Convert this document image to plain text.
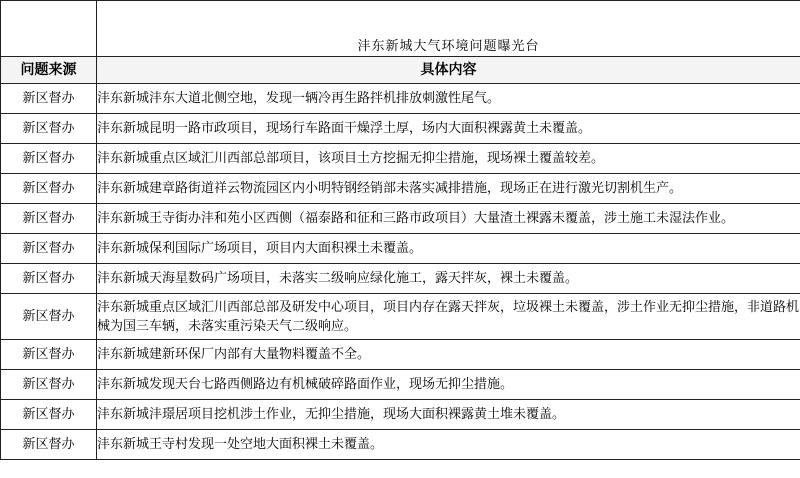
	沣东新城大气环境问题曝光台
问题来源	具体内容
新区督办	沣东新城沣东大道北侧空地，发现一辆冷再生路拌机排放刺激性尾气。
新区督办	沣东新城昆明一路市政项目，现场行车路面干燥浮土厚，场内大面积裸露黄土未覆盖。
新区督办	沣东新城重点区域汇川西部总部项目，该项目土方挖掘无抑尘措施，现场裸土覆盖较差。
新区督办	沣东新城建章路街道祥云物流园区内小明特钢经销部未落实减排措施，现场正在进行激光切割机生产。
新区督办	沣东新城王寺街办沣和苑小区西侧（福泰路和征和三路市政项目）大量渣土裸露未覆盖，涉土施工未湿法作业。
新区督办	沣东新城保利国际广场项目，项目内大面积裸土未覆盖。
新区督办	沣东新城天海星数码广场项目，未落实二级响应绿化施工，露天拌灰，裸土未覆盖。
新区督办	沣东新城重点区域汇川西部总部及研发中心项目，项目内存在露天拌灰，垃圾裸土未覆盖，涉土作业无抑尘措施，非道路机械为国三车辆，未落实重污染天气二级响应。
新区督办	沣东新城建新环保厂内部有大量物料覆盖不全。
新区督办	沣东新城发现天台七路西侧路边有机械破碎路面作业，现场无抑尘措施。
新区督办	沣东新城沣璟居项目挖机涉土作业，无抑尘措施，现场大面积裸露黄土堆未覆盖。
新区督办	沣东新城王寺村发现一处空地大面积裸土未覆盖。
